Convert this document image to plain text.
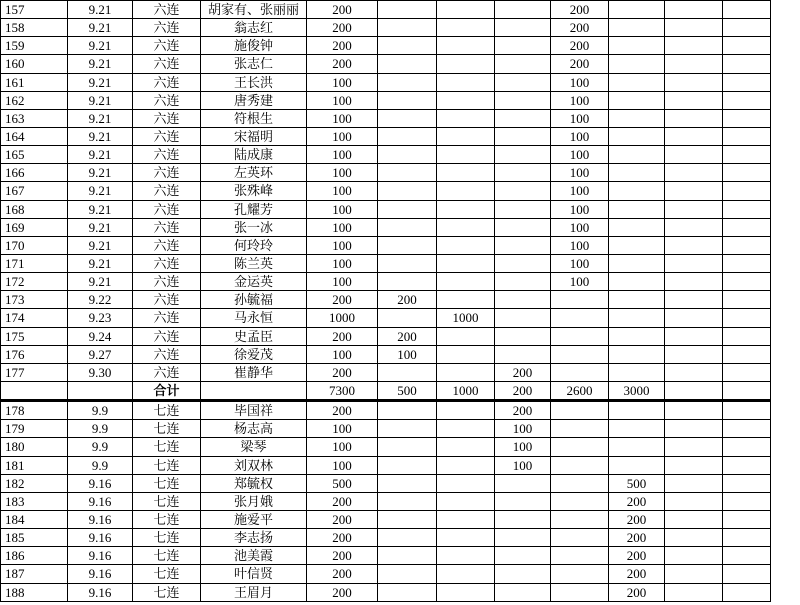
157	9.21	六连	胡家有、张丽丽	200				200			
158	9.21	六连	翁志红	200				200			
159	9.21	六连	施俊钟	200				200			
160	9.21	六连	张志仁	200				200			
161	9.21	六连	王长洪	100				100			
162	9.21	六连	唐秀建	100				100			
163	9.21	六连	符根生	100				100			
164	9.21	六连	宋福明	100				100			
165	9.21	六连	陆成康	100				100			
166	9.21	六连	左英环	100				100			
167	9.21	六连	张殊峰	100				100			
168	9.21	六连	孔耀芳	100				100			
169	9.21	六连	张一冰	100				100			
170	9.21	六连	何玲玲	100				100			
171	9.21	六连	陈兰英	100				100			
172	9.21	六连	金运英	100				100			
173	9.22	六连	孙毓福	200	200						
174	9.23	六连	马永恒	1000		1000					
175	9.24	六连	史孟臣	200	200						
176	9.27	六连	徐爱茂	100	100						
177	9.30	六连	崔静华	200			200				
		合计		7300	500	1000	200	2600	3000		
178	9.9	七连	毕国祥	200			200				
179	9.9	七连	杨志高	100			100				
180	9.9	七连	梁琴	100			100				
181	9.9	七连	刘双林	100			100				
182	9.16	七连	郑毓权	500					500		
183	9.16	七连	张月娥	200					200		
184	9.16	七连	施爱平	200					200		
185	9.16	七连	李志扬	200					200		
186	9.16	七连	池美霞	200					200		
187	9.16	七连	叶信贤	200					200		
188	9.16	七连	王眉月	200					200		
